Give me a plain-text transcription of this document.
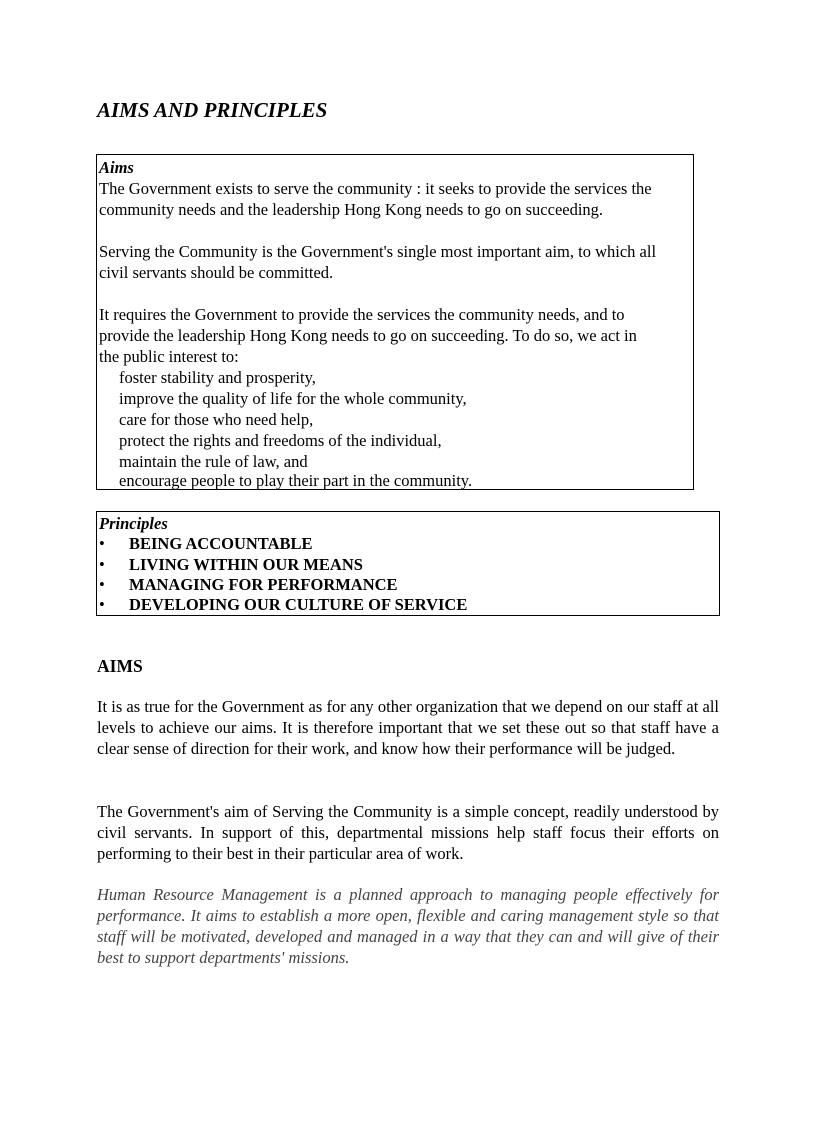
AIMS AND PRINCIPLES
Aims
The Government exists to serve the community : it seeks to provide the services the
community needs and the leadership Hong Kong needs to go on succeeding.
Serving the Community is the Government's single most important aim, to which all
civil servants should be committed.
It requires the Government to provide the services the community needs, and to
provide the leadership Hong Kong needs to go on succeeding. To do so, we act in
the public interest to:
foster stability and prosperity,
improve the quality of life for the whole community,
care for those who need help,
protect the rights and freedoms of the individual,
maintain the rule of law, and
encourage people to play their part in the community.
Principles
• BEING ACCOUNTABLE
• LIVING WITHIN OUR MEANS
• MANAGING FOR PERFORMANCE
• DEVELOPING OUR CULTURE OF SERVICE
AIMS

It is as true for the Government as for any other organization that we depend on our staff at all levels to achieve our aims. It is therefore important that we set these out so that staff have a clear sense of direction for their work, and know how their performance will be judged.

The Government's aim of Serving the Community is a simple concept, readily understood by civil servants. In support of this, departmental missions help staff focus their efforts on performing to their best in their particular area of work.

Human Resource Management is a planned approach to managing people effectively for performance. It aims to establish a more open, flexible and caring management style so that staff will be motivated, developed and managed in a way that they can and will give of their best to support departments' missions.
